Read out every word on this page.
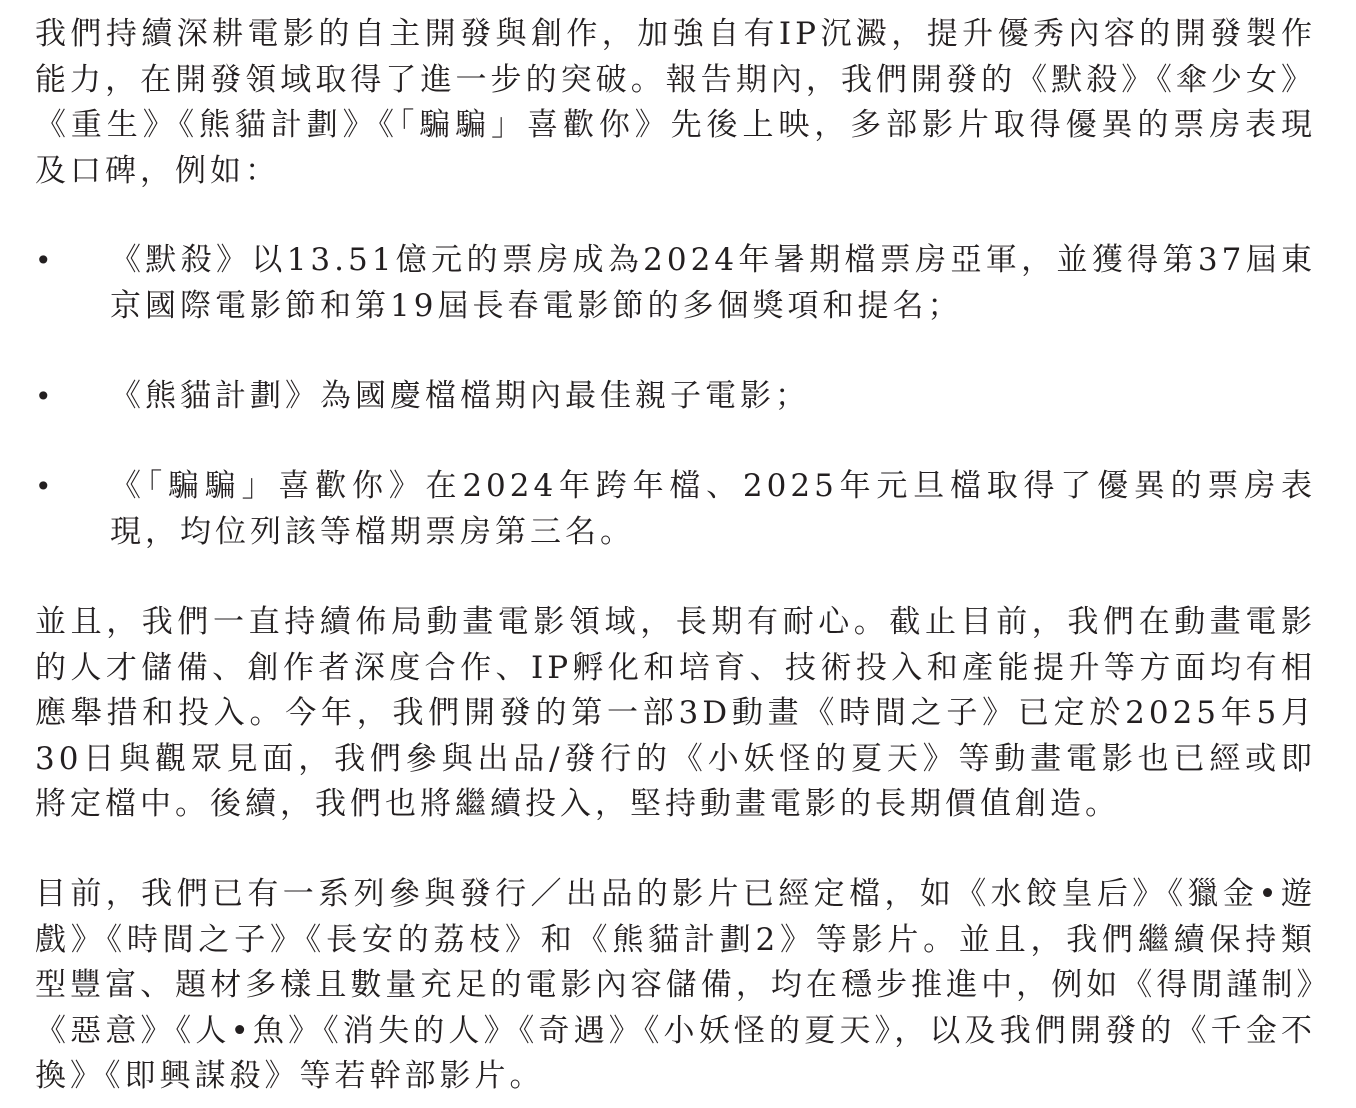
我們持續深耕電影的自主開發與創作，加強自有IP沉澱，提升優秀內容的開發製作能力，在開發領域取得了進一步的突破。報告期內，我們開發的《默殺》《傘少女》《重生》《熊貓計劃》《「騙騙」喜歡你》先後上映，多部影片取得優異的票房表現及口碑，例如：

• 《默殺》以13.51億元的票房成為2024年暑期檔票房亞軍，並獲得第37屆東京國際電影節和第19屆長春電影節的多個獎項和提名；

• 《熊貓計劃》為國慶檔檔期內最佳親子電影；

• 《「騙騙」喜歡你》在2024年跨年檔、2025年元旦檔取得了優異的票房表現，均位列該等檔期票房第三名。

並且，我們一直持續佈局動畫電影領域，長期有耐心。截止目前，我們在動畫電影的人才儲備、創作者深度合作、IP孵化和培育、技術投入和產能提升等方面均有相應舉措和投入。今年，我們開發的第一部3D動畫《時間之子》已定於2025年5月30日與觀眾見面，我們參與出品/發行的《小妖怪的夏天》等動畫電影也已經或即將定檔中。後續，我們也將繼續投入，堅持動畫電影的長期價值創造。

目前，我們已有一系列參與發行／出品的影片已經定檔，如《水餃皇后》《獵金•遊戲》《時間之子》《長安的荔枝》和《熊貓計劃2》等影片。並且，我們繼續保持類型豐富、題材多樣且數量充足的電影內容儲備，均在穩步推進中，例如《得閒謹制》《惡意》《人•魚》《消失的人》《奇遇》《小妖怪的夏天》，以及我們開發的《千金不換》《即興謀殺》等若幹部影片。
